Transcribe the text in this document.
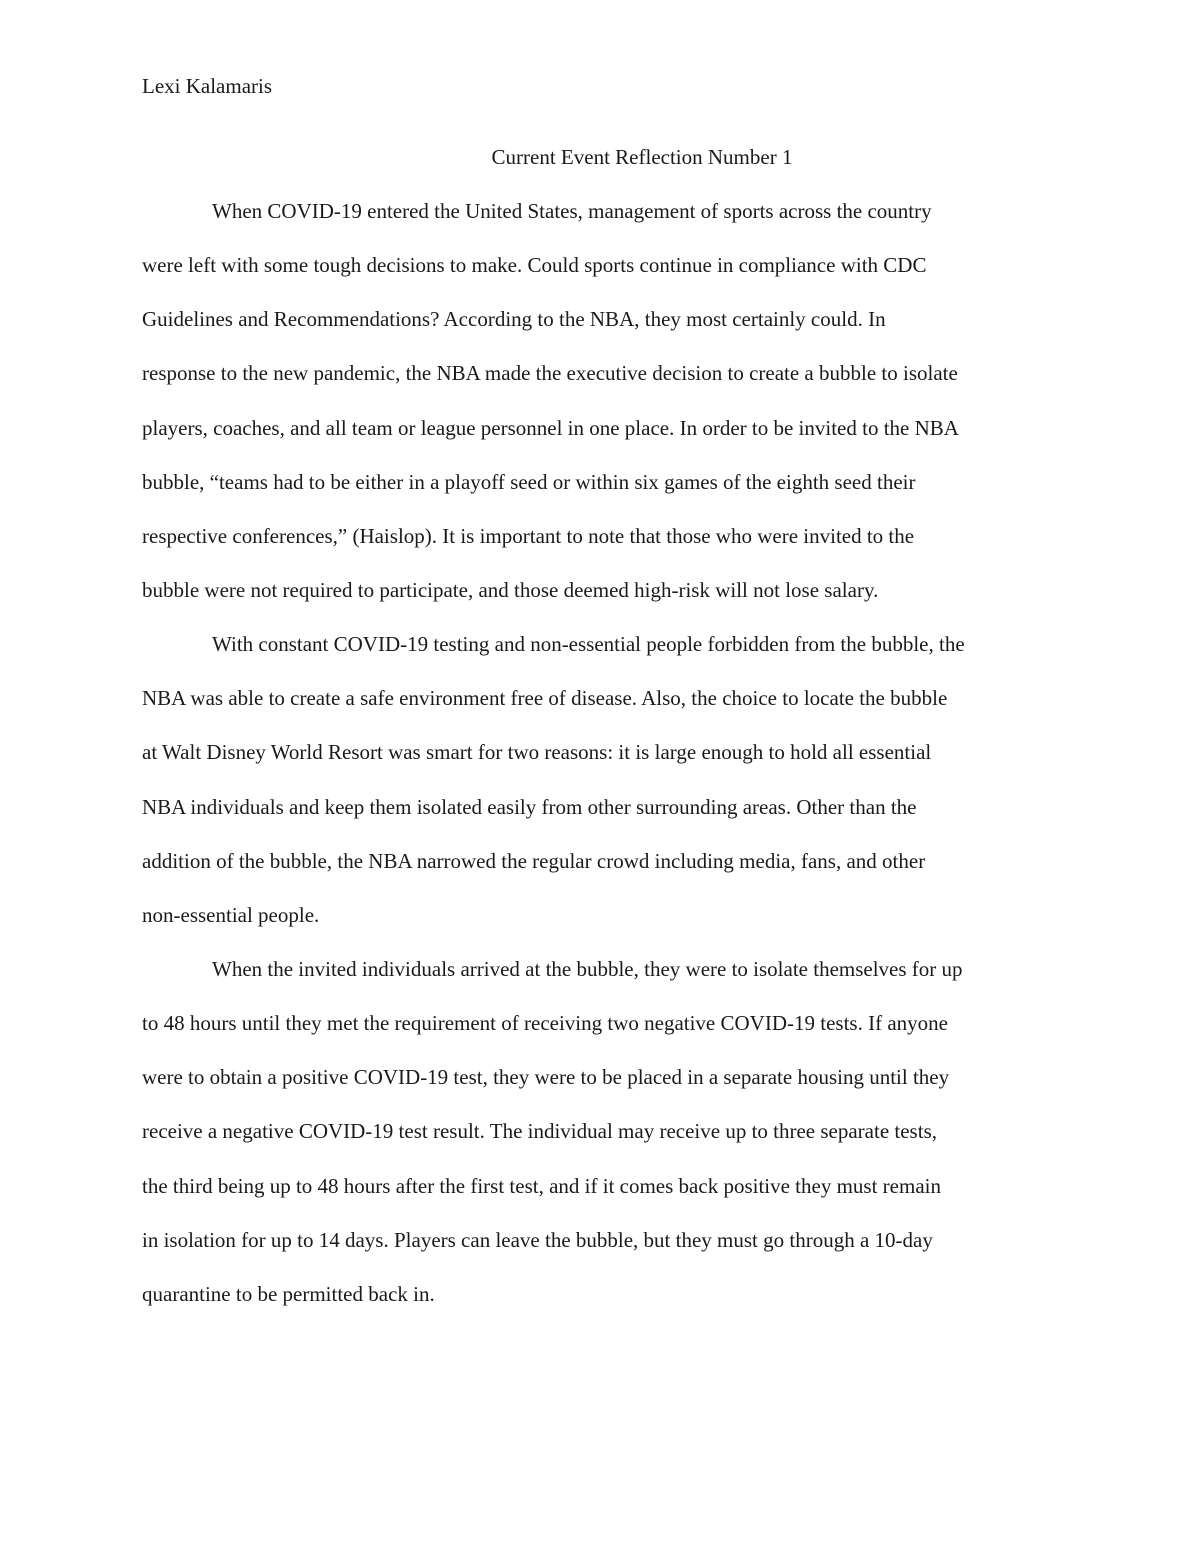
Lexi Kalamaris
Current Event Reflection Number 1
When COVID-19 entered the United States, management of sports across the country
were left with some tough decisions to make. Could sports continue in compliance with CDC
Guidelines and Recommendations? According to the NBA, they most certainly could. In
response to the new pandemic, the NBA made the executive decision to create a bubble to isolate
players, coaches, and all team or league personnel in one place. In order to be invited to the NBA
bubble, “teams had to be either in a playoff seed or within six games of the eighth seed their
respective conferences,” (Haislop). It is important to note that those who were invited to the
bubble were not required to participate, and those deemed high-risk will not lose salary.
With constant COVID-19 testing and non-essential people forbidden from the bubble, the
NBA was able to create a safe environment free of disease. Also, the choice to locate the bubble
at Walt Disney World Resort was smart for two reasons: it is large enough to hold all essential
NBA individuals and keep them isolated easily from other surrounding areas. Other than the
addition of the bubble, the NBA narrowed the regular crowd including media, fans, and other
non-essential people.
When the invited individuals arrived at the bubble, they were to isolate themselves for up
to 48 hours until they met the requirement of receiving two negative COVID-19 tests. If anyone
were to obtain a positive COVID-19 test, they were to be placed in a separate housing until they
receive a negative COVID-19 test result. The individual may receive up to three separate tests,
the third being up to 48 hours after the first test, and if it comes back positive they must remain
in isolation for up to 14 days. Players can leave the bubble, but they must go through a 10-day
quarantine to be permitted back in.
